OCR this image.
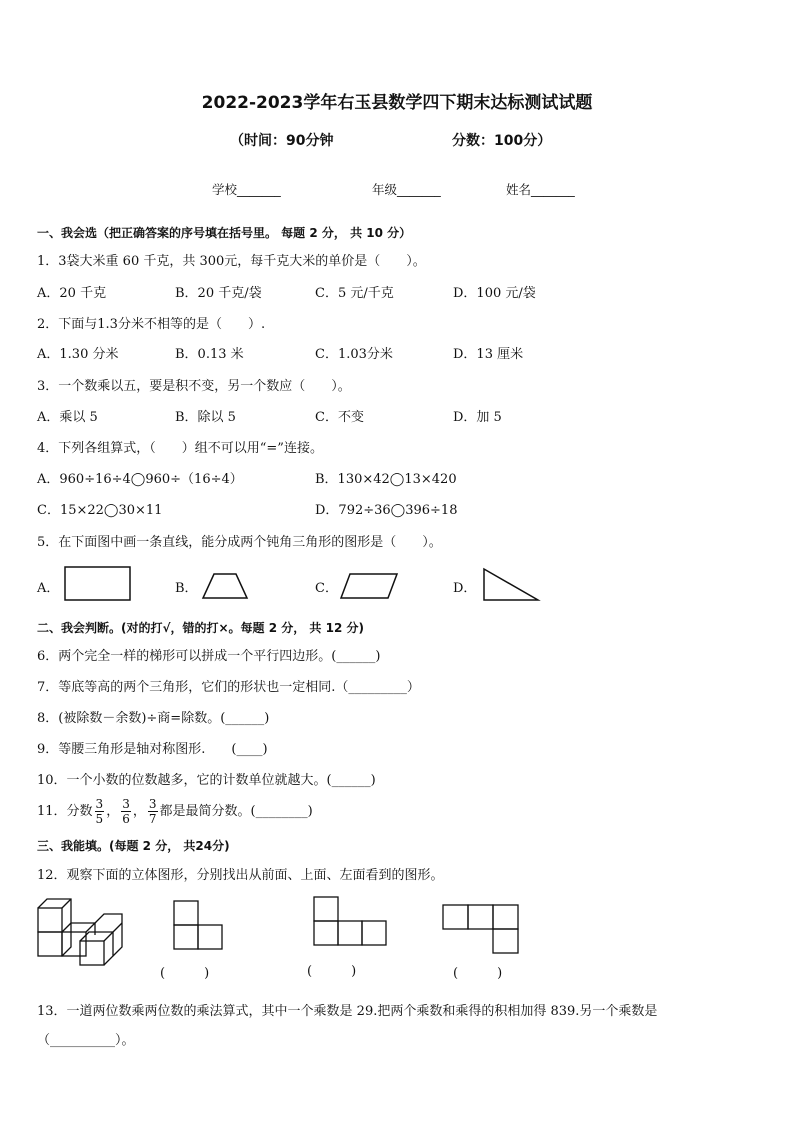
2022-2023学年右玉县数学四下期末达标测试试题
（时间：90分钟	分数：100分）
学校_______	年级_______	姓名_______
一、我会选（把正确答案的序号填在括号里。 每题 2 分， 共 10 分）
1．3袋大米重 60 千克，共 300元，每千克大米的单价是（　　）。
A．20 千克	B．20 千克/袋	C．5 元/千克	D．100 元/袋
2．下面与1.3分米不相等的是（　　）.
A．1.30 分米	B．0.13 米	C．1.03分米	D．13 厘米
3．一个数乘以五，要是积不变，另一个数应（　　）。
A．乘以 5	B．除以 5	C．不变	D．加 5
4．下列各组算式，（　　）组不可以用“=”连接。
A．960÷16÷4◯960÷（16÷4）	B．130×42◯13×420
C．15×22◯30×11	D．792÷36◯396÷18
5．在下面图中画一条直线，能分成两个钝角三角形的图形是（　　）。
A．	B．	C．	D．
二、我会判断。(对的打√，错的打×。每题 2 分， 共 12 分)
6．两个完全一样的梯形可以拼成一个平行四边形。(______)
7．等底等高的两个三角形，它们的形状也一定相同.（_________）
8．(被除数－余数)÷商=除数。(______)
9．等腰三角形是轴对称图形.　　(____)
10．一个小数的位数越多，它的计数单位就越大。(______)
11．分数 $\frac{3}{5}$ ， $\frac{3}{6}$ ， $\frac{3}{7}$ 都是最简分数。(________)
三、我能填。(每题 2 分， 共24分)
12．观察下面的立体图形，分别找出从前面、上面、左面看到的图形。
(　　　)	(　　　)	(　　　)
13．一道两位数乘两位数的乘法算式，其中一个乘数是 29.把两个乘数和乘得的积相加得 839.另一个乘数是
（__________）。
